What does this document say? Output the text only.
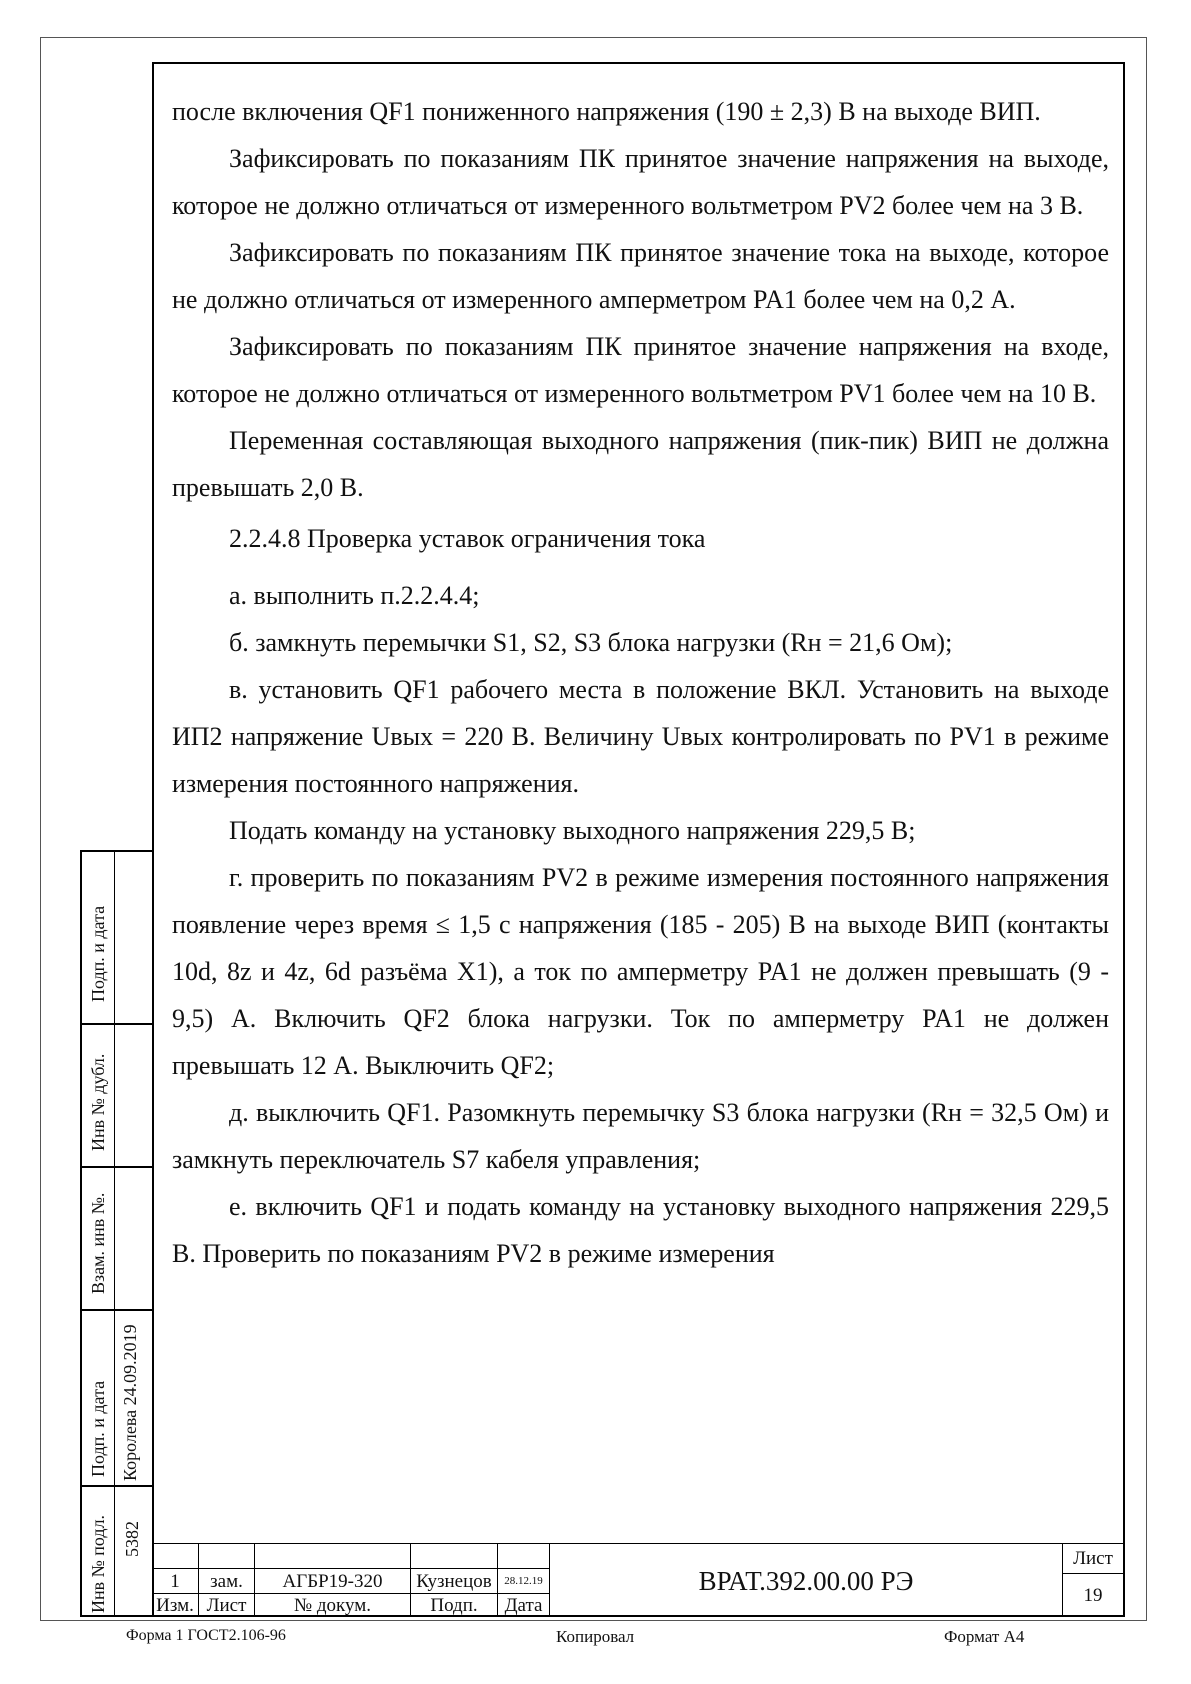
после включения QF1 пониженного напряжения (190 ± 2,3) В на выходе ВИП.

Зафиксировать по показаниям ПК принятое значение напряжения на выходе, которое не должно отличаться от измеренного вольтметром PV2 более чем на 3 В.

Зафиксировать по показаниям ПК принятое значение тока на выходе, которое не должно отличаться от измеренного амперметром PA1 более чем на 0,2 А.

Зафиксировать по показаниям ПК принятое значение напряжения на входе, которое не должно отличаться от измеренного вольтметром PV1 более чем на 10 В.

Переменная составляющая выходного напряжения (пик-пик) ВИП не должна превышать 2,0 В.

2.2.4.8 Проверка уставок ограничения тока

а. выполнить п.2.2.4.4;

б. замкнуть перемычки S1, S2, S3 блока нагрузки (Rн = 21,6 Ом);

в. установить QF1 рабочего места в положение ВКЛ. Установить на выходе ИП2 напряжение Uвых = 220 В. Величину Uвых контролировать по PV1 в режиме измерения постоянного напряжения.

Подать команду на установку выходного напряжения 229,5 В;

г. проверить по показаниям PV2 в режиме измерения постоянного напряжения появление через время ≤ 1,5 с напряжения (185 - 205) В на выходе ВИП (контакты 10d, 8z и 4z, 6d разъёма X1), а ток по амперметру PA1 не должен превышать (9 - 9,5) А. Включить QF2 блока нагрузки. Ток по амперметру PA1 не должен превышать 12 А. Выключить QF2;

д. выключить QF1. Разомкнуть перемычку S3 блока нагрузки (Rн = 32,5 Ом) и замкнуть переключатель S7 кабеля управления;

е. включить QF1 и подать команду на установку выходного напряжения 229,5 В. Проверить по показаниям PV2 в режиме измерения

Подп. и дата
Инв № дубл.
Взам. инв №.
Подп. и дата Королева 24.09.2019
Инв № подл. 5382
1	зам.	АГБР19-320	Кузнецов	28.12.19
Изм. Лист	№ докум.	Подп.	Дата
ВРАТ.392.00.00 РЭ
Лист
19
Форма 1 ГОСТ2.106-96	Копировал	Формат А4
